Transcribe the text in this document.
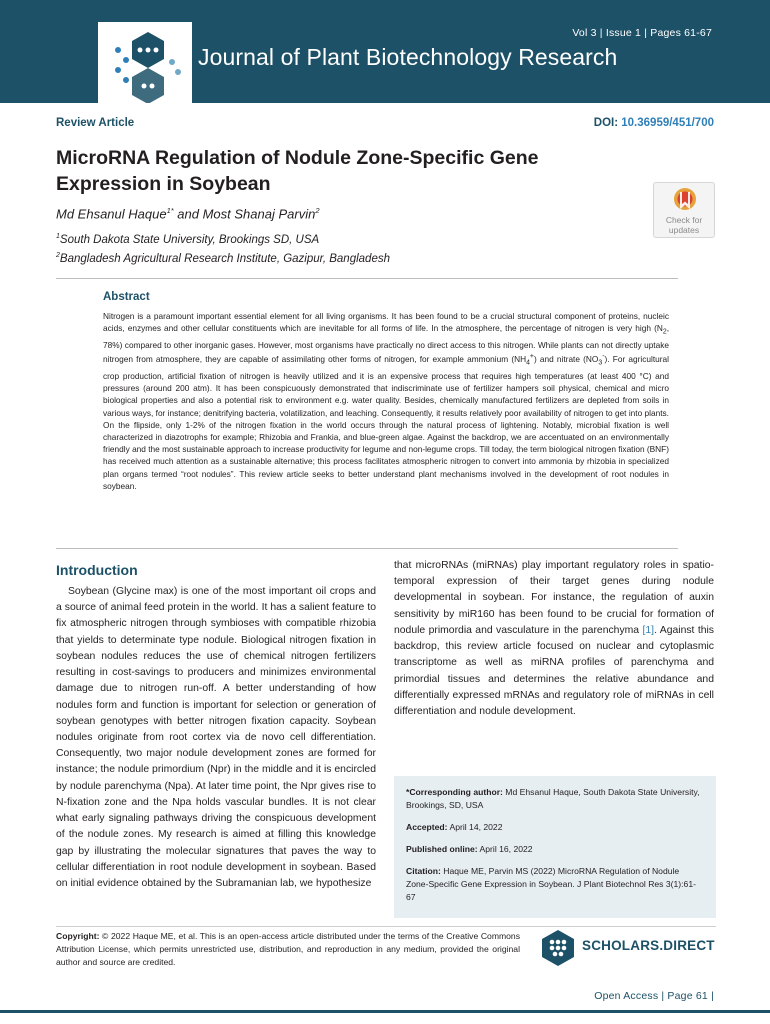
Vol 3 | Issue 1 | Pages 61-67
Journal of Plant Biotechnology Research
Review Article	DOI: 10.36959/451/700
MicroRNA Regulation of Nodule Zone-Specific Gene Expression in Soybean
Md Ehsanul Haque$^{1*}$ and Most Shanaj Parvin$^2$
$^1$South Dakota State University, Brookings SD, USA
$^2$Bangladesh Agricultural Research Institute, Gazipur, Bangladesh
Check for updates
Abstract
Nitrogen is a paramount important essential element for all living organisms. It has been found to be a crucial structural component of proteins, nucleic acids, enzymes and other cellular constituents which are inevitable for all forms of life. In the atmosphere, the percentage of nitrogen is very high ($N_2$, 78%) compared to other inorganic gases. However, most organisms have practically no direct access to this nitrogen. While plants can not directly uptake nitrogen from atmosphere, they are capable of assimilating other forms of nitrogen, for example ammonium $(NH_4^+)$ and nitrate $(NO_3^-)$. For agricultural crop production, artificial fixation of nitrogen is heavily utilized and it is an expensive process that requires high temperatures (at least 400 °C) and pressures (around 200 atm). It has been conspicuously demonstrated that indiscriminate use of fertilizer hampers soil physical, chemical and micro biological properties and also a potential risk to environment e.g. water quality. Besides, chemically manufactured fertilizers are depleted from soils in various ways, for instance; denitrifying bacteria, volatilization, and leaching. Consequently, it results relatively poor availability of nitrogen to get into plants. On the flipside, only 1-2% of the nitrogen fixation in the world occurs through the natural process of lightening. Notably, microbial fixation is well characterized in diazotrophs for example; Rhizobia and Frankia, and blue-green algae. Against the backdrop, we are accentuated on an environmentally friendly and the most sustainable approach to increase productivity for legume and non-legume crops. Till today, the term biological nitrogen fixation (BNF) has received much attention as a sustainable alternative; this process facilitates atmospheric nitrogen to convert into ammonia by rhizobia in specialized plan organs termed “root nodules”. This review article seeks to better understand plant mechanisms involved in the development of root nodules in soybean.
Introduction
Soybean (Glycine max) is one of the most important oil crops and a source of animal feed protein in the world. It has a salient feature to fix atmospheric nitrogen through symbioses with compatible rhizobia that yields to determinate type nodule. Biological nitrogen fixation in soybean nodules reduces the use of chemical nitrogen fertilizers resulting in cost-savings to producers and minimizes environmental damage due to nitrogen run-off. A better understanding of how nodules form and function is important for selection or generation of soybean genotypes with better nitrogen fixation capacity. Soybean nodules originate from root cortex via de novo cell differentiation. Consequently, two major nodule development zones are formed for instance; the nodule primordium (Npr) in the middle and it is encircled by nodule parenchyma (Npa). At later time point, the Npr gives rise to N-fixation zone and the Npa holds vascular bundles. It is not clear what early signaling pathways driving the conspicuous development of the nodule zones. My research is aimed at filling this knowledge gap by illustrating the molecular signatures that paves the way to cellular differentiation in root nodule development in soybean. Based on initial evidence obtained by the Subramanian lab, we hypothesize
that microRNAs (miRNAs) play important regulatory roles in spatio-temporal expression of their target genes during nodule developmental in soybean. For instance, the regulation of auxin sensitivity by miR160 has been found to be crucial for formation of nodule primordia and vasculature in the parenchyma [1]. Against this backdrop, this review article focused on nuclear and cytoplasmic transcriptome as well as miRNA profiles of parenchyma and primordial tissues and determines the relative abundance and differentially expressed mRNAs and regulatory role of miRNAs in cell differentiation and nodule development.

*Corresponding author: Md Ehsanul Haque, South Dakota State University, Brookings, SD, USA

Accepted: April 14, 2022

Published online: April 16, 2022

Citation: Haque ME, Parvin MS (2022) MicroRNA Regulation of Nodule Zone-Specific Gene Expression in Soybean. J Plant Biotechnol Res 3(1):61-67

Copyright: © 2022 Haque ME, et al. This is an open-access article distributed under the terms of the Creative Commons Attribution License, which permits unrestricted use, distribution, and reproduction in any medium, provided the original author and source are credited.
SCHOLARS.DIRECT
Open Access | Page 61 |
